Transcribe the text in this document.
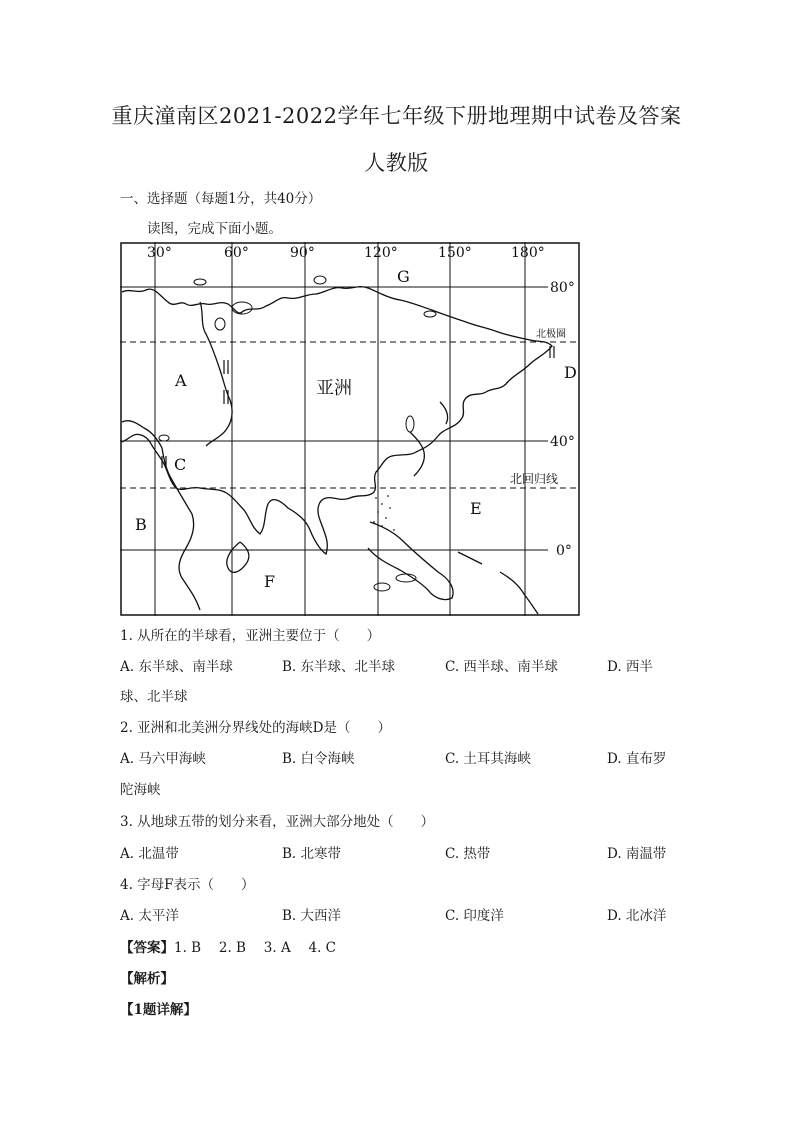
重庆潼南区2021-2022学年七年级下册地理期中试卷及答案
人教版
一、选择题（每题1分，共40分）
读图，完成下面小题。
30°	60°	90°	120°	150°	180°
80°
40°
0°
北极圈
北回归线
G
A	亚洲
D
C
B
E
F
1. 从所在的半球看，亚洲主要位于（　　）
A. 东半球、南半球	B. 东半球、北半球	C. 西半球、南半球	D. 西半
球、北半球
2. 亚洲和北美洲分界线处的海峡D是（　　）
A. 马六甲海峡	B. 白令海峡	C. 土耳其海峡	D. 直布罗
陀海峡
3. 从地球五带的划分来看，亚洲大部分地处（　　）
A. 北温带	B. 北寒带	C. 热带	D. 南温带
4. 字母F表示（　　）
A. 太平洋	B. 大西洋	C. 印度洋	D. 北冰洋
【答案】1. B　 2. B　 3. A　 4. C
【解析】
【1题详解】
